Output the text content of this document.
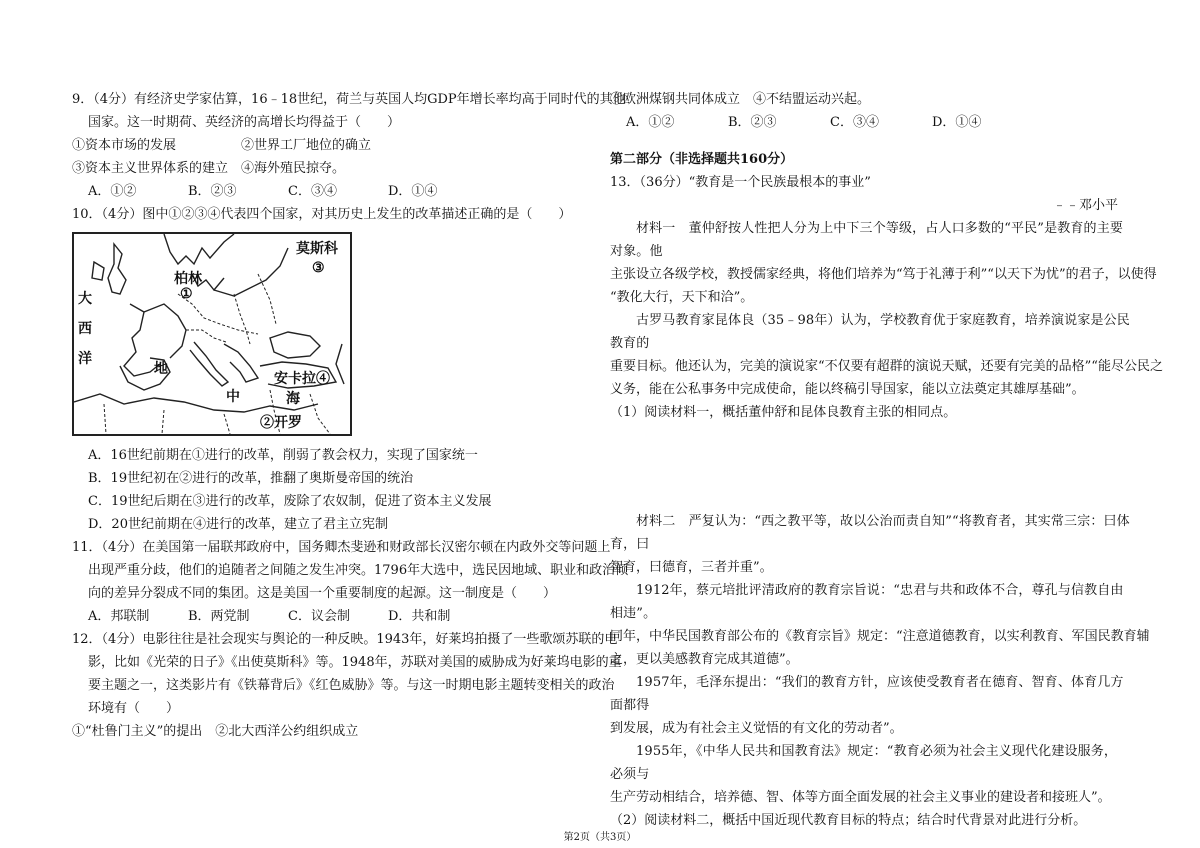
9．（4分）有经济史学家估算，16﹣18世纪，荷兰与英国人均GDP年增长率均高于同时代的其他
国家。这一时期荷、英经济的高增长均得益于（　　）
①资本市场的发展　　　　　②世界工厂地位的确立
③资本主义世界体系的建立　④海外殖民掠夺。
A．①②	B．②③	C．③④	D．①④
10．（4分）图中①②③④代表四个国家，对其历史上发生的改革描述正确的是（　　）
莫斯科
③
柏林
①
大
西
洋
地
安卡拉④
中	海
②开罗
A．16世纪前期在①进行的改革，削弱了教会权力，实现了国家统一
B．19世纪初在②进行的改革，推翻了奥斯曼帝国的统治
C．19世纪后期在③进行的改革，废除了农奴制，促进了资本主义发展
D．20世纪前期在④进行的改革，建立了君主立宪制
11．（4分）在美国第一届联邦政府中，国务卿杰斐逊和财政部长汉密尔顿在内政外交等问题上
出现严重分歧，他们的追随者之间随之发生冲突。1796年大选中，选民因地域、职业和政治倾
向的差异分裂成不同的集团。这是美国一个重要制度的起源。这一制度是（　　）
A．邦联制	B．两党制	C．议会制	D．共和制
12．（4分）电影往往是社会现实与舆论的一种反映。1943年，好莱坞拍摄了一些歌颂苏联的电
影，比如《光荣的日子》《出使莫斯科》等。1948年，苏联对美国的威胁成为好莱坞电影的重
要主题之一，这类影片有《铁幕背后》《红色威胁》等。与这一时期电影主题转变相关的政治
环境有（　　）
①“杜鲁门主义”的提出　②北大西洋公约组织成立
③欧洲煤钢共同体成立　④不结盟运动兴起。
A．①②	B．②③	C．③④	D．①④
第二部分（非选择题共160分）
13．（36分）“教育是一个民族最根本的事业”
﹣﹣邓小平
材料一　董仲舒按人性把人分为上中下三个等级，占人口多数的“平民”是教育的主要对象。他
主张设立各级学校，教授儒家经典，将他们培养为“笃于礼薄于利”“以天下为忧”的君子，以使得
“教化大行，天下和洽”。
古罗马教育家昆体良（35﹣98年）认为，学校教育优于家庭教育，培养演说家是公民教育的
重要目标。他还认为，完美的演说家“不仅要有超群的演说天赋，还要有完美的品格”“能尽公民之
义务，能在公私事务中完成使命，能以终稿引导国家，能以立法奠定其雄厚基础”。
（1）阅读材料一，概括董仲舒和昆体良教育主张的相同点。
材料二　严复认为：“西之教平等，故以公治而责自知”“将教育者，其实常三宗：曰体育，曰
智育，曰德育，三者并重”。
1912年，蔡元培批评清政府的教育宗旨说：“忠君与共和政体不合，尊孔与信教自由相违”。
同年，中华民国教育部公布的《教育宗旨》规定：“注意道德教育，以实利教育、军国民教育辅
之，更以美感教育完成其道德”。
1957年，毛泽东提出：“我们的教育方针，应该使受教育者在德育、智育、体育几方面都得
到发展，成为有社会主义觉悟的有文化的劳动者”。
1955年，《中华人民共和国教育法》规定：“教育必须为社会主义现代化建设服务，必须与
生产劳动相结合，培养德、智、体等方面全面发展的社会主义事业的建设者和接班人”。
（2）阅读材料二，概括中国近现代教育目标的特点；结合时代背景对此进行分析。
第2页（共3页）
